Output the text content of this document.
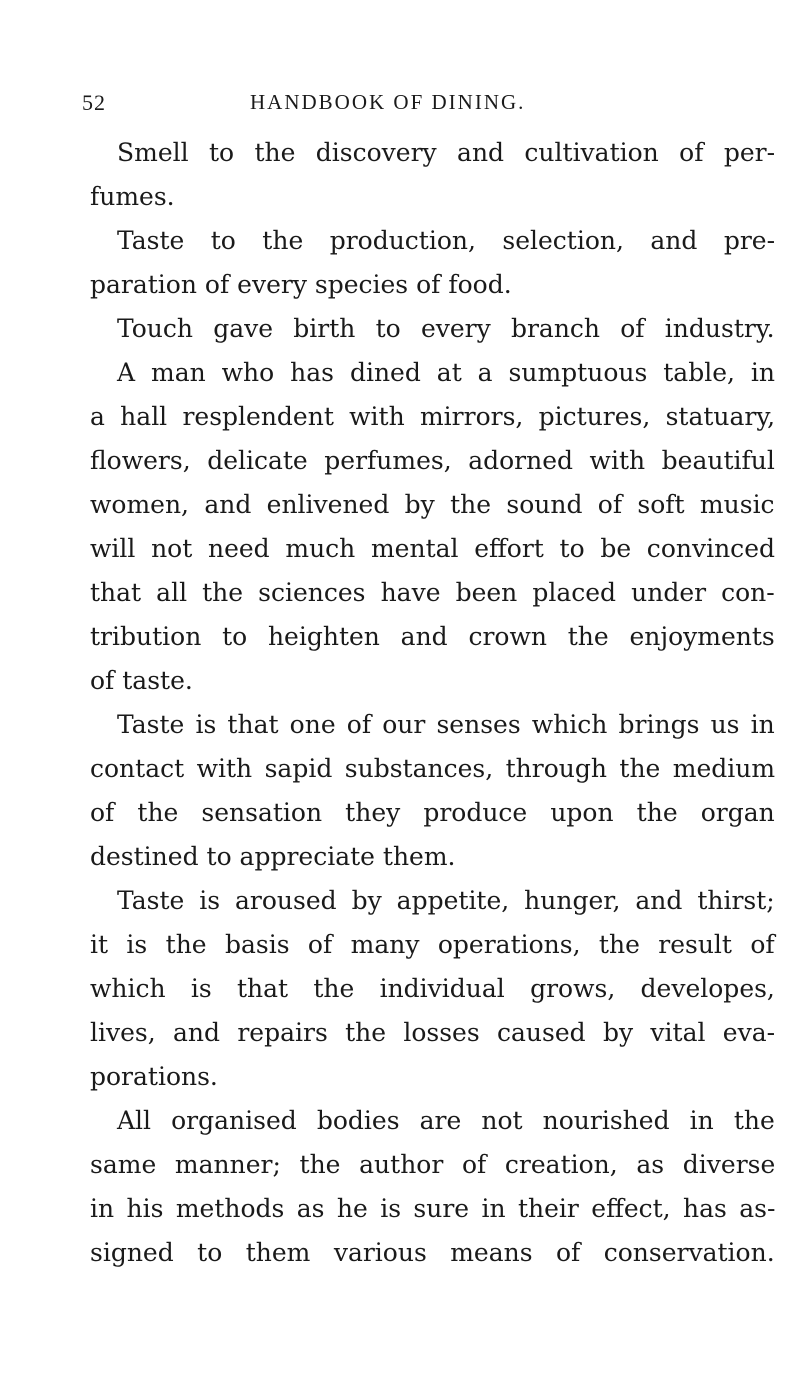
52	HANDBOOK OF DINING.
Smell to the discovery and cultivation of per-
fumes.
Taste to the production, selection, and pre-
paration of every species of food.
Touch gave birth to every branch of industry.
A man who has dined at a sumptuous table, in
a hall resplendent with mirrors, pictures, statuary,
flowers, delicate perfumes, adorned with beautiful
women, and enlivened by the sound of soft music
will not need much mental effort to be convinced
that all the sciences have been placed under con-
tribution to heighten and crown the enjoyments
of taste.
Taste is that one of our senses which brings us in
contact with sapid substances, through the medium
of the sensation they produce upon the organ
destined to appreciate them.
Taste is aroused by appetite, hunger, and thirst;
it is the basis of many operations, the result of
which is that the individual grows, developes,
lives, and repairs the losses caused by vital eva-
porations.
All organised bodies are not nourished in the
same manner; the author of creation, as diverse
in his methods as he is sure in their effect, has as-
signed to them various means of conservation.
